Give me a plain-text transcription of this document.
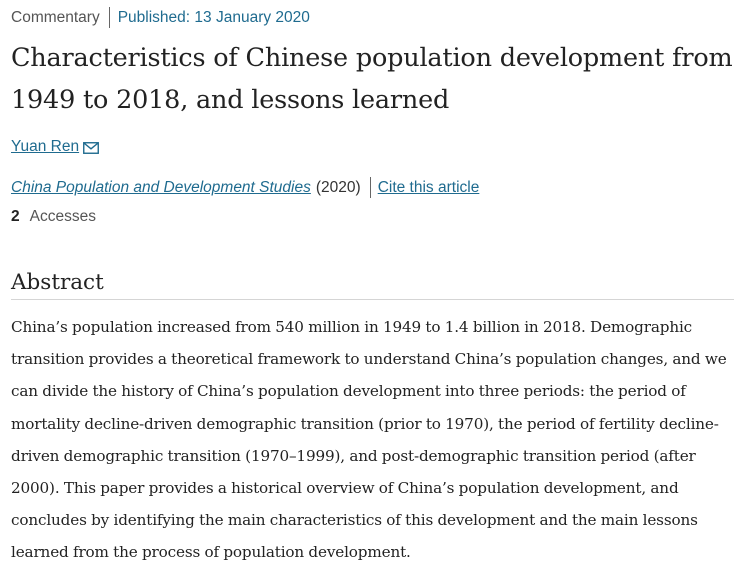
Commentary Published: 13 January 2020
Characteristics of Chinese population development from 1949 to 2018, and lessons learned
Yuan Ren
China Population and Development Studies (2020) Cite this article
2 Accesses
Abstract

China’s population increased from 540 million in 1949 to 1.4 billion in 2018. Demographic transition provides a theoretical framework to understand China’s population changes, and we can divide the history of China’s population development into three periods: the period of mortality decline-driven demographic transition (prior to 1970), the period of fertility decline-driven demographic transition (1970–1999), and post-demographic transition period (after 2000). This paper provides a historical overview of China’s population development, and concludes by identifying the main characteristics of this development and the main lessons learned from the process of population development.
